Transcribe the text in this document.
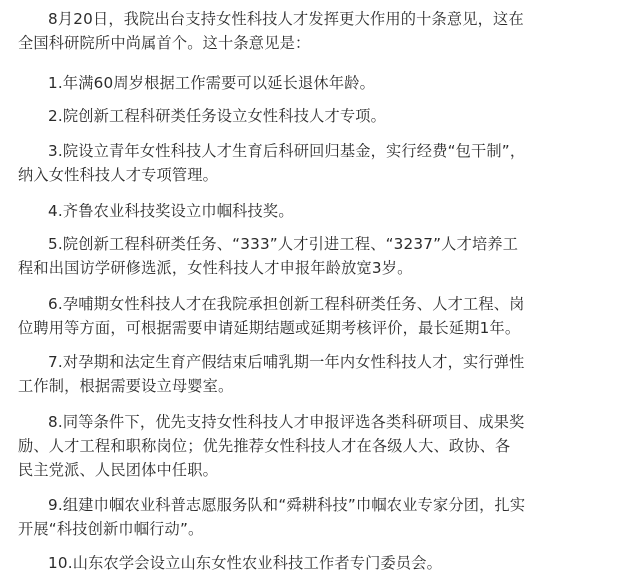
8月20日，我院出台支持女性科技人才发挥更大作用的十条意见，这在
全国科研院所中尚属首个。这十条意见是：

1.年满60周岁根据工作需要可以延长退休年龄。

2.院创新工程科研类任务设立女性科技人才专项。

3.院设立青年女性科技人才生育后科研回归基金，实行经费“包干制”，
纳入女性科技人才专项管理。

4.齐鲁农业科技奖设立巾帼科技奖。

5.院创新工程科研类任务、“333”人才引进工程、“3237”人才培养工
程和出国访学研修选派，女性科技人才申报年龄放宽3岁。

6.孕哺期女性科技人才在我院承担创新工程科研类任务、人才工程、岗
位聘用等方面，可根据需要申请延期结题或延期考核评价，最长延期1年。

7.对孕期和法定生育产假结束后哺乳期一年内女性科技人才，实行弹性
工作制，根据需要设立母婴室。

8.同等条件下，优先支持女性科技人才申报评选各类科研项目、成果奖
励、人才工程和职称岗位；优先推荐女性科技人才在各级人大、政协、各
民主党派、人民团体中任职。

9.组建巾帼农业科普志愿服务队和“舜耕科技”巾帼农业专家分团，扎实
开展“科技创新巾帼行动”。

10.山东农学会设立山东女性农业科技工作者专门委员会。
